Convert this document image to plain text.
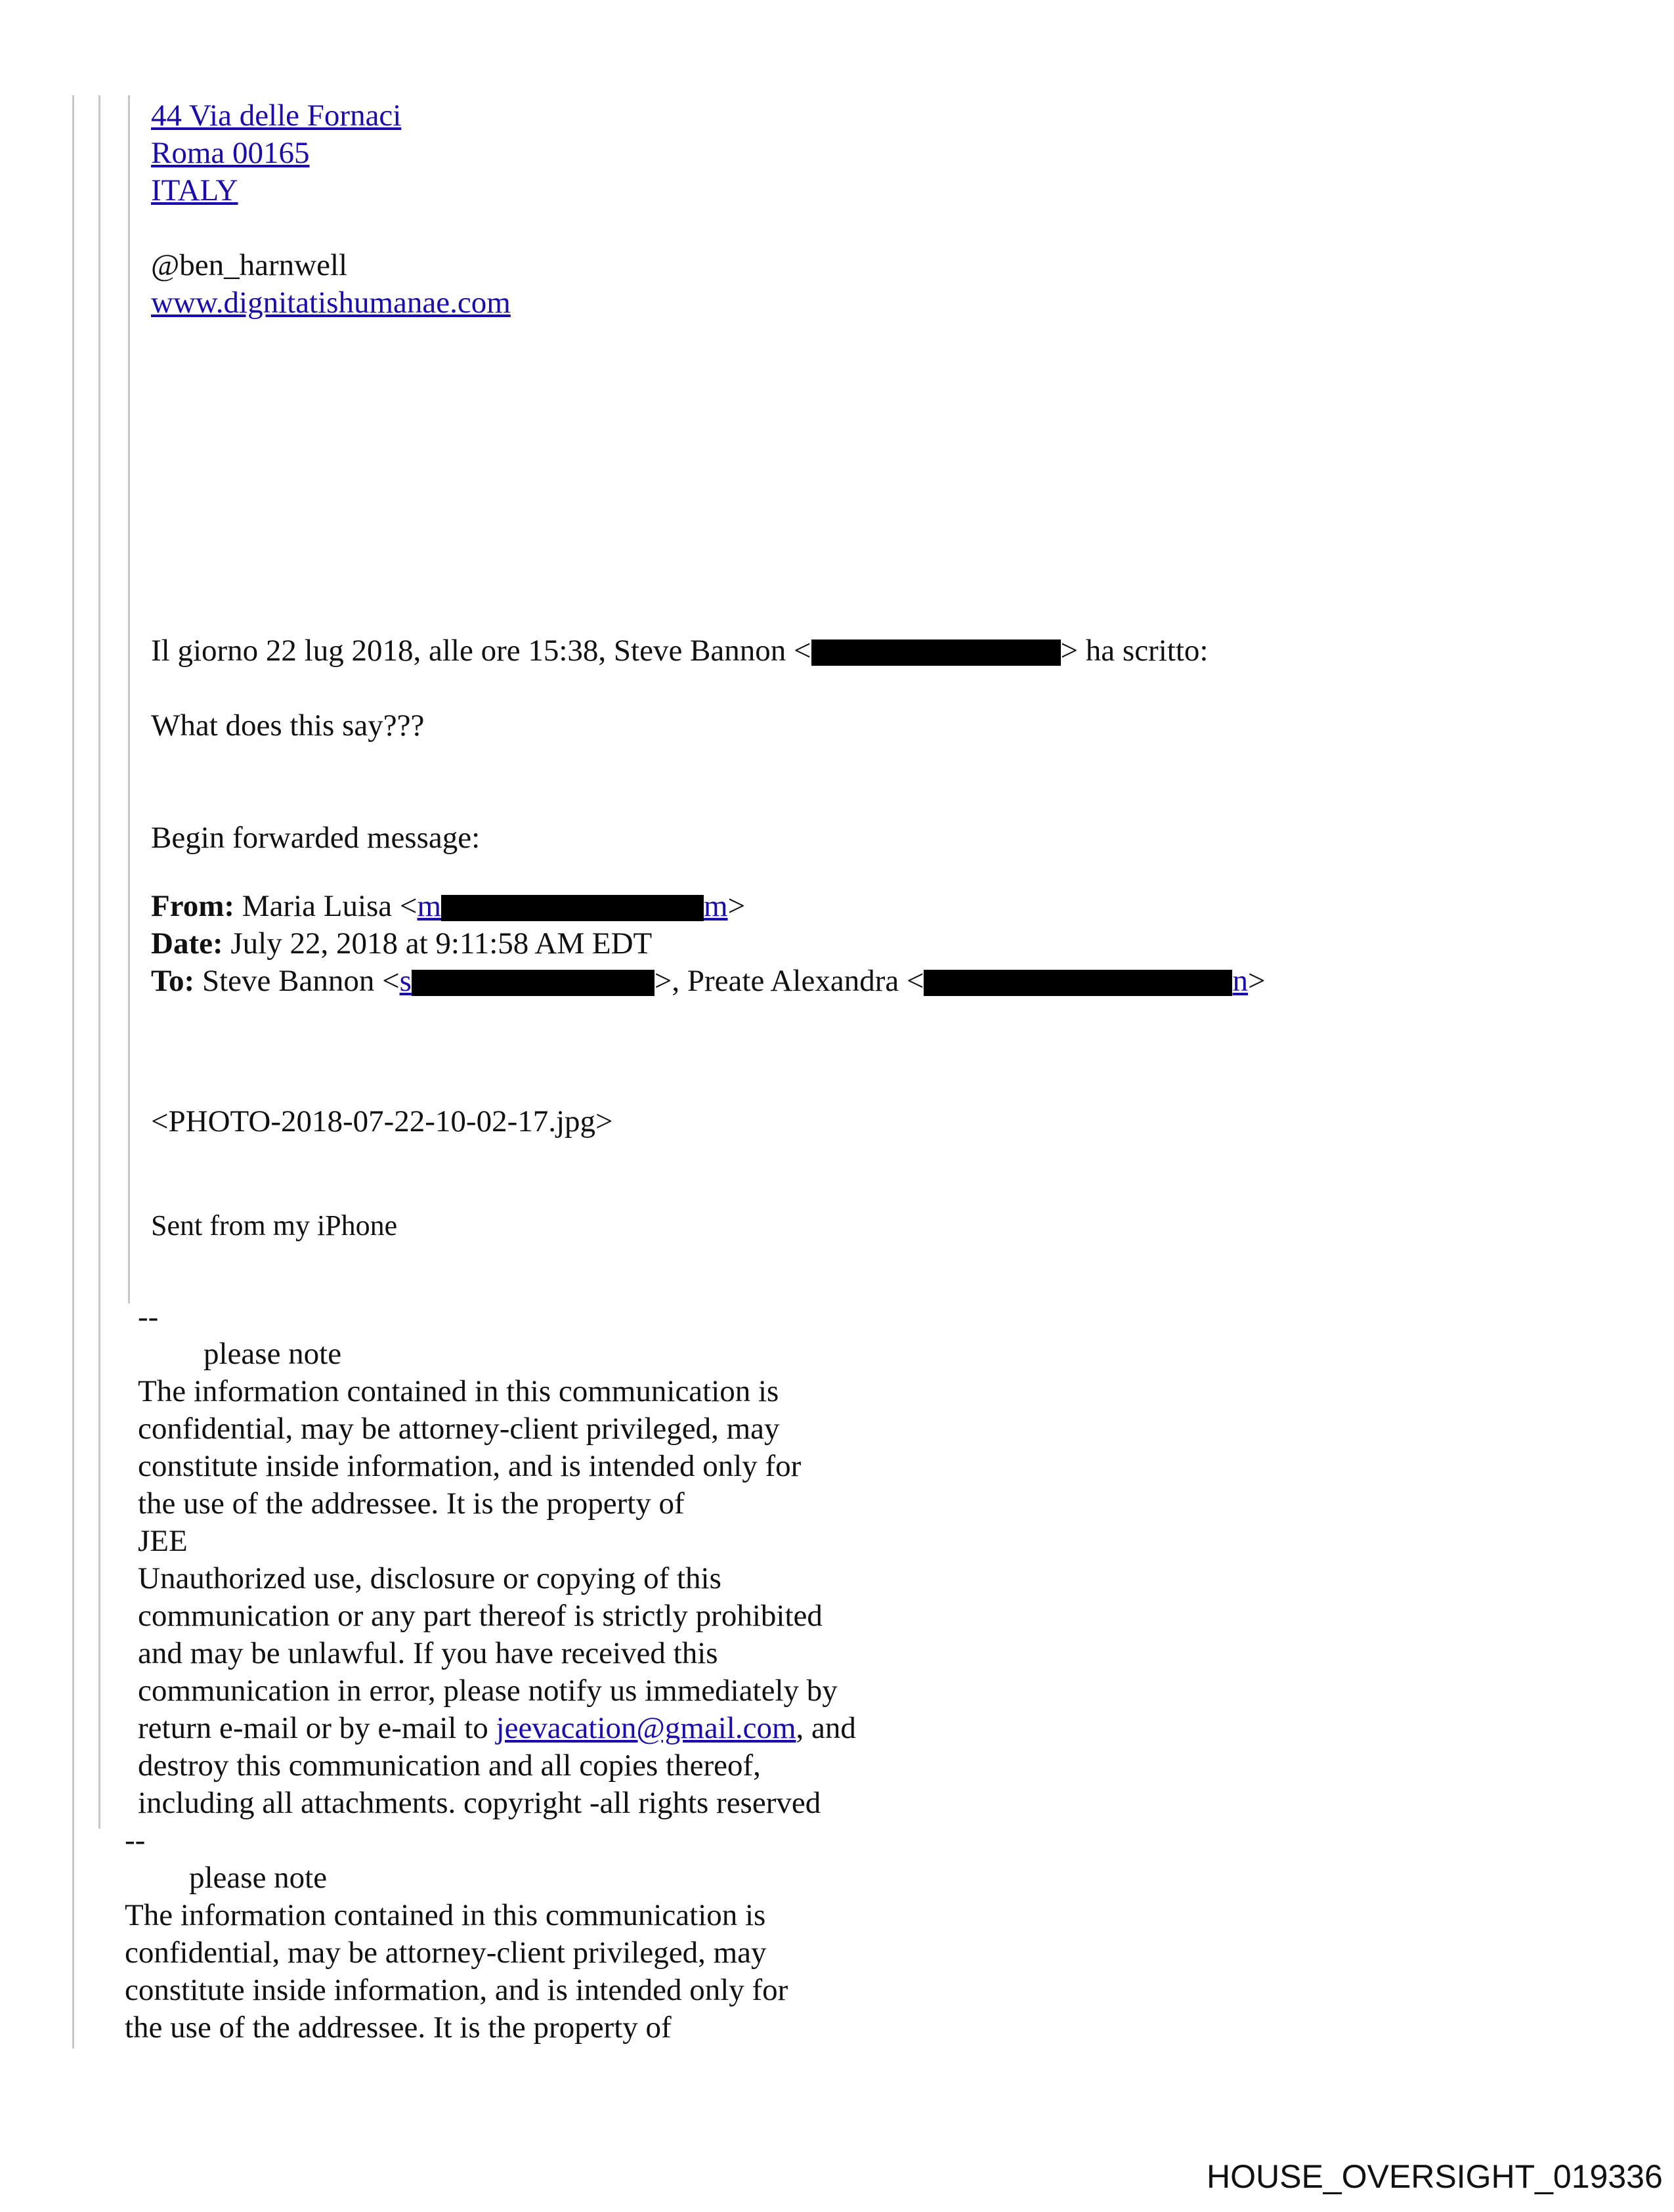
44 Via delle Fornaci
Roma 00165
ITALY
@ben_harnwell
www.dignitatishumanae.com
Il giorno 22 lug 2018, alle ore 15:38, Steve Bannon <	> ha scritto:
What does this say???
Begin forwarded message:
From: Maria Luisa <m	m>
Date: July 22, 2018 at 9:11:58 AM EDT
To: Steve Bannon <s	>, Preate Alexandra <	n>
<PHOTO-2018-07-22-10-02-17.jpg>
Sent from my iPhone
--
please note
The information contained in this communication is
confidential, may be attorney-client privileged, may
constitute inside information, and is intended only for
the use of the addressee. It is the property of
JEE
Unauthorized use, disclosure or copying of this
communication or any part thereof is strictly prohibited
and may be unlawful. If you have received this
communication in error, please notify us immediately by
return e-mail or by e-mail to jeevacation@gmail.com, and
destroy this communication and all copies thereof,
including all attachments. copyright -all rights reserved
--
please note
The information contained in this communication is
confidential, may be attorney-client privileged, may
constitute inside information, and is intended only for
the use of the addressee. It is the property of
HOUSE_OVERSIGHT_019336
